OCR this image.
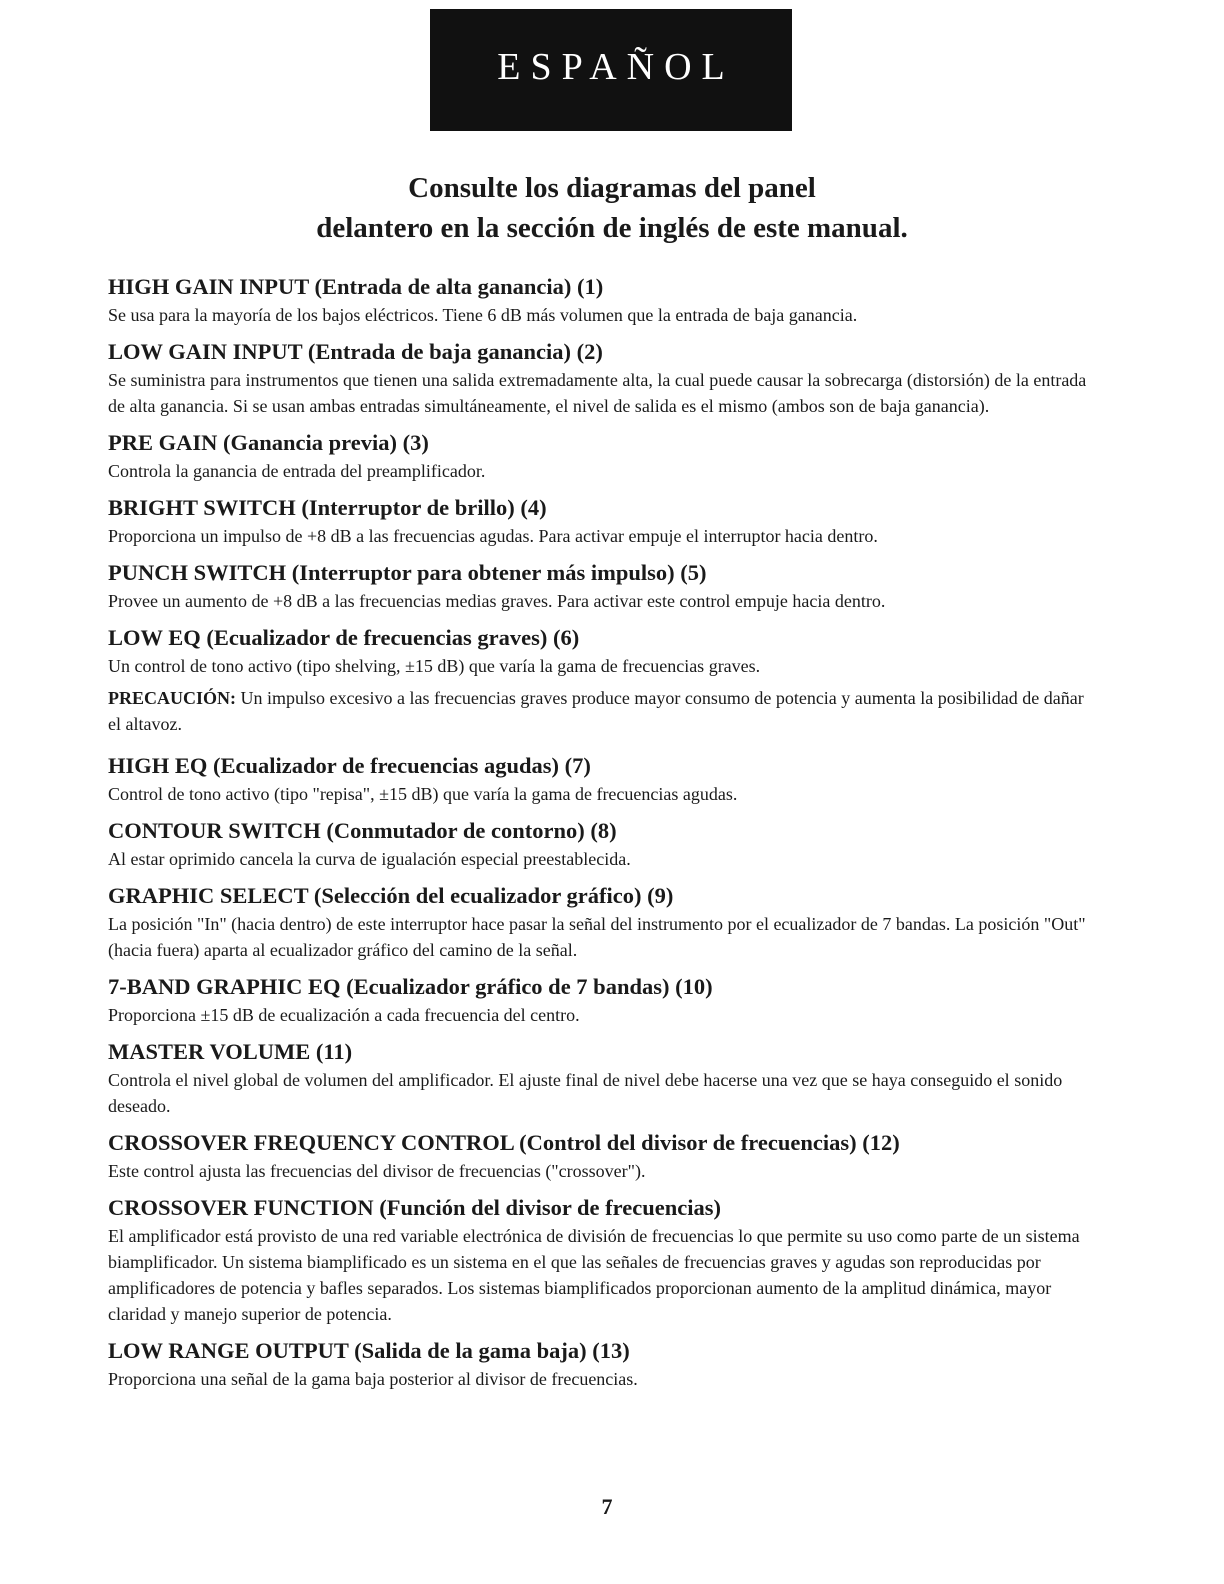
ESPAÑOL
Consulte los diagramas del panel
delantero en la sección de inglés de este manual.

HIGH GAIN INPUT (Entrada de alta ganancia) (1)

Se usa para la mayoría de los bajos eléctricos. Tiene 6 dB más volumen que la entrada de baja ganancia.

LOW GAIN INPUT (Entrada de baja ganancia) (2)

Se suministra para instrumentos que tienen una salida extremadamente alta, la cual puede causar la sobrecarga (distorsión) de la entrada de alta ganancia. Si se usan ambas entradas simultáneamente, el nivel de salida es el mismo (ambos son de baja ganancia).

PRE GAIN (Ganancia previa) (3)

Controla la ganancia de entrada del preamplificador.

BRIGHT SWITCH (Interruptor de brillo) (4)

Proporciona un impulso de +8 dB a las frecuencias agudas. Para activar empuje el interruptor hacia dentro.

PUNCH SWITCH (Interruptor para obtener más impulso) (5)

Provee un aumento de +8 dB a las frecuencias medias graves. Para activar este control empuje hacia dentro.

LOW EQ (Ecualizador de frecuencias graves) (6)

Un control de tono activo (tipo shelving, ±15 dB) que varía la gama de frecuencias graves.

PRECAUCIÓN: Un impulso excesivo a las frecuencias graves produce mayor consumo de potencia y aumenta la posibilidad de dañar el altavoz.

HIGH EQ (Ecualizador de frecuencias agudas) (7)

Control de tono activo (tipo "repisa", ±15 dB) que varía la gama de frecuencias agudas.

CONTOUR SWITCH (Conmutador de contorno) (8)

Al estar oprimido cancela la curva de igualación especial preestablecida.

GRAPHIC SELECT (Selección del ecualizador gráfico) (9)

La posición "In" (hacia dentro) de este interruptor hace pasar la señal del instrumento por el ecualizador de 7 bandas. La posición "Out" (hacia fuera) aparta al ecualizador gráfico del camino de la señal.

7-BAND GRAPHIC EQ (Ecualizador gráfico de 7 bandas) (10)

Proporciona ±15 dB de ecualización a cada frecuencia del centro.

MASTER VOLUME (11)

Controla el nivel global de volumen del amplificador. El ajuste final de nivel debe hacerse una vez que se haya conseguido el sonido deseado.

CROSSOVER FREQUENCY CONTROL (Control del divisor de frecuencias) (12)

Este control ajusta las frecuencias del divisor de frecuencias ("crossover").

CROSSOVER FUNCTION (Función del divisor de frecuencias)

El amplificador está provisto de una red variable electrónica de división de frecuencias lo que permite su uso como parte de un sistema biamplificador. Un sistema biamplificado es un sistema en el que las señales de frecuencias graves y agudas son reproducidas por amplificadores de potencia y bafles separados. Los sistemas biamplificados proporcionan aumento de la amplitud dinámica, mayor claridad y manejo superior de potencia.

LOW RANGE OUTPUT (Salida de la gama baja) (13)

Proporciona una señal de la gama baja posterior al divisor de frecuencias.

7
